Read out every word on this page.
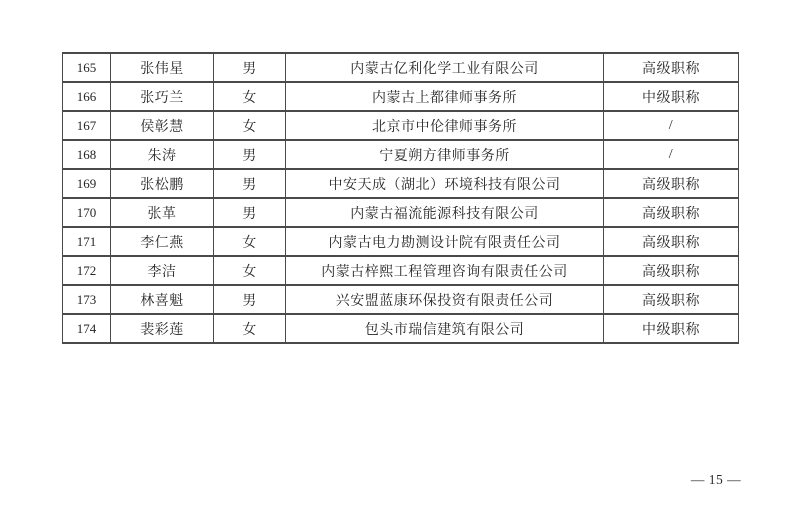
165	张伟星	男	内蒙古亿利化学工业有限公司	高级职称
166	张巧兰	女	内蒙古上都律师事务所	中级职称
167	侯彰慧	女	北京市中伦律师事务所	/
168	朱涛	男	宁夏朔方律师事务所	/
169	张松鹏	男	中安天成（湖北）环境科技有限公司	高级职称
170	张革	男	内蒙古福流能源科技有限公司	高级职称
171	李仁燕	女	内蒙古电力勘测设计院有限责任公司	高级职称
172	李洁	女	内蒙古梓熙工程管理咨询有限责任公司	高级职称
173	林喜魁	男	兴安盟蓝康环保投资有限责任公司	高级职称
174	裴彩莲	女	包头市瑞信建筑有限公司	中级职称
— 15 —
